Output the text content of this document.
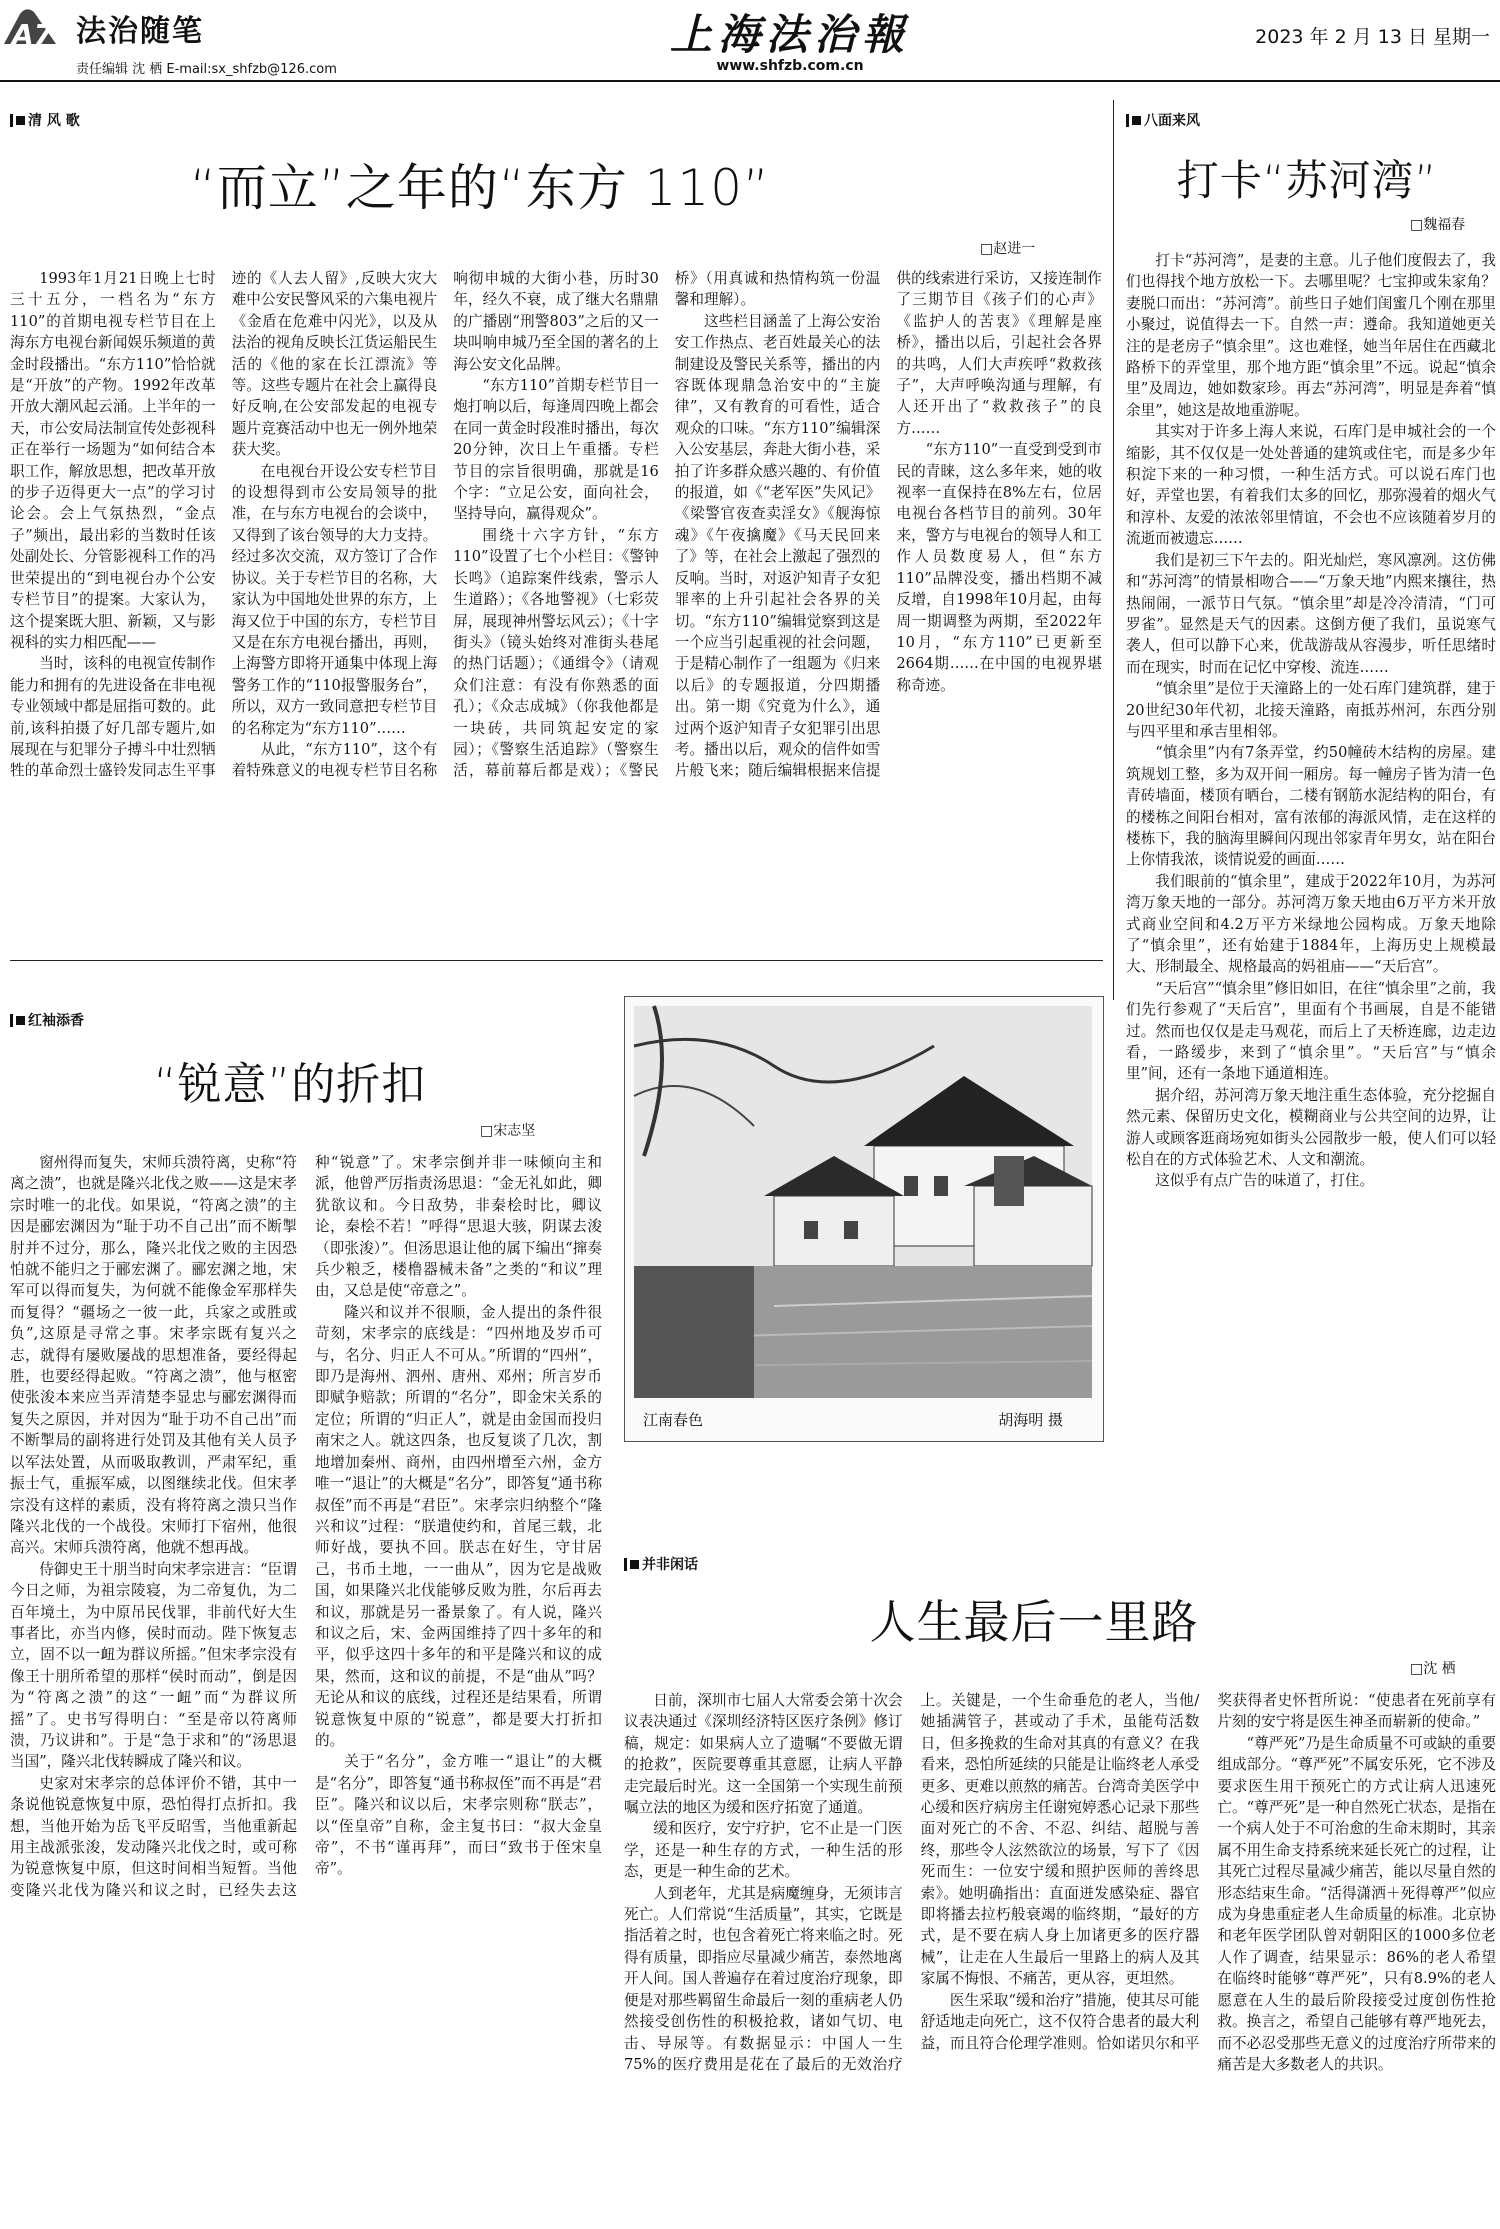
A7 法治随笔
责任编辑 沈 栖 E-mail:sx_shfzb@126.com
上海法治報
www.shfzb.com.cn
2023 年 2 月 13 日 星期一
清 风 歌
“而立”之年的“东方 110”
□赵进一

1993年1月21日晚上七时三十五分，一档名为“东方110”的首期电视专栏节目在上海东方电视台新闻娱乐频道的黄金时段播出。“东方110”恰恰就是“开放”的产物。1992年改革开放大潮风起云涌。上半年的一天，市公安局法制宣传处彭视科正在举行一场题为“如何结合本职工作，解放思想，把改革开放的步子迈得更大一点”的学习讨论会。会上气氛热烈，“金点子”频出，最出彩的当数时任该处副处长、分管影视科工作的冯世荣提出的“到电视台办个公安专栏节目”的提案。大家认为，这个提案既大胆、新颖，又与影视科的实力相匹配——

当时，该科的电视宣传制作能力和拥有的先进设备在非电视专业领域中都是屈指可数的。此前,该科拍摄了好几部专题片,如展现在与犯罪分子搏斗中壮烈牺牲的革命烈士盛铃发同志生平事迹的《人去人留》,反映大灾大难中公安民警风采的六集电视片《金盾在危难中闪光》，以及从法治的视角反映长江货运船民生活的《他的家在长江漂流》等等。这些专题片在社会上赢得良好反响,在公安部发起的电视专题片竞赛活动中也无一例外地荣获大奖。

在电视台开设公安专栏节目的设想得到市公安局领导的批准，在与东方电视台的会谈中，又得到了该台领导的大力支持。经过多次交流，双方签订了合作协议。关于专栏节目的名称，大家认为中国地处世界的东方，上海又位于中国的东方，专栏节目又是在东方电视台播出，再则，上海警方即将开通集中体现上海警务工作的“110报警服务台”，所以，双方一致同意把专栏节目的名称定为“东方110”……

从此，“东方110”，这个有着特殊意义的电视专栏节目名称响彻申城的大街小巷，历时30年，经久不衰，成了继大名鼎鼎的广播剧“刑警803”之后的又一块叫响申城乃至全国的著名的上海公安文化品牌。

“东方110”首期专栏节目一炮打响以后，每逢周四晚上都会在同一黄金时段准时播出，每次20分钟，次日上午重播。专栏节目的宗旨很明确，那就是16个字：“立足公安，面向社会，坚持导向，赢得观众”。

围绕十六字方针，“东方110”设置了七个小栏目：《警钟长鸣》（追踪案件线索，警示人生道路）；《各地警视》（七彩荧屏，展现神州警坛风云）；《十字街头》（镜头始终对准街头巷尾的热门话题）；《通缉令》（请观众们注意：有没有你熟悉的面孔）；《众志成城》（你我他都是一块砖，共同筑起安定的家园）；《警察生活追踪》（警察生活，幕前幕后都是戏）；《警民桥》（用真诚和热情构筑一份温馨和理解）。

这些栏目涵盖了上海公安治安工作热点、老百姓最关心的法制建设及警民关系等，播出的内容既体现鼎急治安中的“主旋律”，又有教育的可看性，适合观众的口味。“东方110”编辑深入公安基层，奔赴大街小巷，采拍了许多群众感兴趣的、有价值的报道，如《“老军医”失风记》《梁警官夜查卖淫女》《舰海惊魂》《午夜擒魔》《马天民回来了》等，在社会上激起了强烈的反响。当时，对返沪知青子女犯罪率的上升引起社会各界的关切。“东方110”编辑觉察到这是一个应当引起重视的社会问题，于是精心制作了一组题为《归来以后》的专题报道，分四期播出。第一期《究竟为什么》，通过两个返沪知青子女犯罪引出思考。播出以后，观众的信件如雪片般飞来；随后编辑根据来信提供的线索进行采访，又接连制作了三期节目《孩子们的心声》《监护人的苦衷》《理解是座桥》，播出以后，引起社会各界的共鸣，人们大声疾呼“救救孩子”，大声呼唤沟通与理解，有人还开出了“救救孩子”的良方……

“东方110”一直受到受到市民的青睐，这么多年来，她的收视率一直保持在8%左右，位居电视台各档节目的前列。30年来，警方与电视台的领导人和工作人员数度易人，但“东方110”品牌没变，播出档期不减反增，自1998年10月起，由每周一期调整为两期，至2022年10月，“东方110”已更新至2664期……在中国的电视界堪称奇迹。

八面来风
打卡“苏河湾”
□魏福春

打卡“苏河湾”，是妻的主意。儿子他们度假去了，我们也得找个地方放松一下。去哪里呢？七宝抑或朱家角？妻脱口而出：“苏河湾”。前些日子她们闺蜜几个刚在那里小聚过，说值得去一下。自然一声：遵命。我知道她更关注的是老房子“慎余里”。这也难怪，她当年居住在西藏北路桥下的弄堂里，那个地方距“慎余里”不远。说起“慎余里”及周边，她如数家珍。再去“苏河湾”，明显是奔着“慎余里”，她这是故地重游呢。

其实对于许多上海人来说，石库门是申城社会的一个缩影，其不仅仅是一处处普通的建筑或住宅，而是多少年积淀下来的一种习惯，一种生活方式。可以说石库门也好，弄堂也罢，有着我们太多的回忆，那弥漫着的烟火气和淳朴、友爱的浓浓邻里情谊，不会也不应该随着岁月的流逝而被遗忘……

我们是初三下午去的。阳光灿烂，寒风凛冽。这仿佛和“苏河湾”的情景相吻合——“万象天地”内熙来攘往，热热闹闹，一派节日气氛。“慎余里”却是冷冷清清，“门可罗雀”。显然是天气的因素。这倒方便了我们，虽说寒气袭人，但可以静下心来，优哉游哉从容漫步，听任思绪时而在现实，时而在记忆中穿梭、流连……

“慎余里”是位于天潼路上的一处石库门建筑群，建于20世纪30年代初，北接天潼路，南抵苏州河，东西分别与四平里和承吉里相邻。

“慎余里”内有7条弄堂，约50幢砖木结构的房屋。建筑规划工整，多为双开间一厢房。每一幢房子皆为清一色青砖墙面，楼顶有晒台，二楼有钢筋水泥结构的阳台，有的楼栋之间阳台相对，富有浓郁的海派风情，走在这样的楼栋下，我的脑海里瞬间闪现出邻家青年男女，站在阳台上你情我浓，谈情说爱的画面……

我们眼前的“慎余里”，建成于2022年10月，为苏河湾万象天地的一部分。苏河湾万象天地由6万平方米开放式商业空间和4.2万平方米绿地公园构成。万象天地除了“慎余里”，还有始建于1884年，上海历史上规模最大、形制最全、规格最高的妈祖庙——“天后宫”。

“天后宫”“慎余里”修旧如旧，在往“慎余里”之前，我们先行参观了“天后宫”，里面有个书画展，自是不能错过。然而也仅仅是走马观花，而后上了天桥连廊，边走边看，一路缓步，来到了“慎余里”。“天后宫”与“慎余里”间，还有一条地下通道相连。

据介绍，苏河湾万象天地注重生态体验，充分挖掘自然元素、保留历史文化，模糊商业与公共空间的边界，让游人或顾客逛商场宛如街头公园散步一般，使人们可以轻松自在的方式体验艺术、人文和潮流。

这似乎有点广告的味道了，打住。

红袖添香
“锐意”的折扣
□宋志坚

窗州得而复失，宋师兵溃符离，史称“符离之溃”，也就是隆兴北伐之败——这是宋孝宗时唯一的北伐。如果说，“符离之溃”的主因是郦宏渊因为“耻于功不自己出”而不断掣肘并不过分，那么，隆兴北伐之败的主因恐怕就不能归之于郦宏渊了。郦宏渊之地，宋军可以得而复失，为何就不能像金军那样失而复得？“疆场之一彼一此，兵家之或胜或负”,这原是寻常之事。宋孝宗既有复兴之志，就得有屡败屡战的思想准备，要经得起胜，也要经得起败。“符离之溃”，他与枢密使张浚本来应当弄清楚李显忠与郦宏渊得而复失之原因，并对因为“耻于功不自己出”而不断掣局的副将进行处罚及其他有关人员予以军法处置，从而吸取教训，严肃军纪，重振士气，重振军威，以图继续北伐。但宋孝宗没有这样的素质，没有将符离之溃只当作隆兴北伐的一个战役。宋师打下宿州，他很高兴。宋师兵溃符离，他就不想再战。

侍御史王十朋当时向宋孝宗进言：“臣谓今日之师，为祖宗陵寝，为二帝复仇，为二百年境土，为中原吊民伐罪，非前代好大生事者比，亦当内修，侯时而动。陛下恢复志立，固不以一衄为群议所摇。”但宋孝宗没有像王十朋所希望的那样“侯时而动”，倒是因为“符离之溃”的这“一衄”而“为群议所摇”了。史书写得明白：“至是帝以符离师溃，乃议讲和”。于是“急于求和”的“汤思退当国”，隆兴北伐转瞬成了隆兴和议。

史家对宋孝宗的总体评价不错，其中一条说他锐意恢复中原，恐怕得打点折扣。我想，当他开始为岳飞平反昭雪，当他重新起用主战派张浚，发动隆兴北伐之时，或可称为锐意恢复中原，但这时间相当短暂。当他变隆兴北伐为隆兴和议之时，已经失去这种“锐意”了。宋孝宗倒并非一味倾向主和派，他曾严厉指责汤思退：“金无礼如此，卿犹欲议和。今日敌势，非秦桧时比，卿议论，秦桧不若！”呼得“思退大骇，阴谋去浚（即张浚）”。但汤思退让他的属下编出“撺奏兵少粮乏，楼橹器械未备”之类的“和议”理由，又总是使“帝意之”。

隆兴和议并不很顺，金人提出的条件很苛刻，宋孝宗的底线是：“四州地及岁币可与，名分、归正人不可从。”所谓的“四州”，即乃是海州、泗州、唐州、邓州；所言岁币即赋争赔款；所谓的“名分”，即金宋关系的定位；所谓的“归正人”，就是由金国而投归南宋之人。就这四条，也反复谈了几次，割地增加秦州、商州，由四州增至六州，金方唯一“退让”的大概是“名分”，即答复“通书称叔侄”而不再是“君臣”。宋孝宗归纳整个“隆兴和议”过程：“朕遣使约和，首尾三载，北师好战，要执不回。朕志在好生，守甘居己，书币土地，一一曲从”，因为它是战败国，如果隆兴北伐能够反败为胜，尔后再去和议，那就是另一番景象了。有人说，隆兴和议之后，宋、金两国维持了四十多年的和平，似乎这四十多年的和平是隆兴和议的成果，然而，这和议的前提，不是“曲从”吗？无论从和议的底线，过程还是结果看，所谓锐意恢复中原的“锐意”，都是要大打折扣的。

关于“名分”，金方唯一“退让”的大概是“名分”，即答复“通书称叔侄”而不再是“君臣”。隆兴和议以后，宋孝宗则称“朕志”，以“侄皇帝”自称，金主复书曰：“叔大金皇帝”，不书“谨再拜”，而曰“致书于侄宋皇帝”。

江南春色	胡海明 摄
并非闲话
人生最后一里路
□沈 栖

日前，深圳市七届人大常委会第十次会议表决通过《深圳经济特区医疗条例》修订稿，规定：如果病人立了遗嘱“不要做无谓的抢救”，医院要尊重其意愿，让病人平静走完最后时光。这一全国第一个实现生前预嘱立法的地区为缓和医疗拓宽了通道。

缓和医疗，安宁疗护，它不止是一门医学，还是一种生存的方式，一种生活的形态，更是一种生命的艺术。

人到老年，尤其是病魔缠身，无须讳言死亡。人们常说“生活质量”，其实，它既是指活着之时，也包含着死亡将来临之时。死得有质量，即指应尽量减少痛苦，泰然地离开人间。国人普遍存在着过度治疗现象，即便是对那些羁留生命最后一刻的重病老人仍然接受创伤性的积极抢救，诸如气切、电击、导尿等。有数据显示：中国人一生75%的医疗费用是花在了最后的无效治疗上。关键是，一个生命垂危的老人，当他/她插满管子，甚或动了手术，虽能苟活数日，但多挽救的生命对其真的有意义？在我看来，恐怕所延续的只能是让临终老人承受更多、更难以煎熬的痛苦。台湾奇美医学中心缓和医疗病房主任谢宛婷悉心记录下那些面对死亡的不舍、不忍、纠结、超脱与善终，那些令人泫然欲泣的场景，写下了《因死而生：一位安宁缓和照护医师的善终思索》。她明确指出：直面迸发感染症、器官即将播去拉朽般衰竭的临终期，“最好的方式，是不要在病人身上加诸更多的医疗器械”，让走在人生最后一里路上的病人及其家属不悔恨、不痛苦，更从容，更坦然。

医生采取“缓和治疗”措施，使其尽可能舒适地走向死亡，这不仅符合患者的最大利益，而且符合伦理学准则。恰如诺贝尔和平奖获得者史怀哲所说：“使患者在死前享有片刻的安宁将是医生神圣而崭新的使命。”

“尊严死”乃是生命质量不可或缺的重要组成部分。“尊严死”不属安乐死，它不涉及要求医生用干预死亡的方式让病人迅速死亡。“尊严死”是一种自然死亡状态，是指在一个病人处于不可治愈的生命末期时，其亲属不用生命支持系统来延长死亡的过程，让其死亡过程尽量减少痛苦，能以尽量自然的形态结束生命。“活得潇洒＋死得尊严”似应成为身患重症老人生命质量的标准。北京协和老年医学团队曾对朝阳区的1000多位老人作了调查，结果显示：86%的老人希望在临终时能够“尊严死”，只有8.9%的老人愿意在人生的最后阶段接受过度创伤性抢救。换言之，希望自己能够有尊严地死去，而不必忍受那些无意义的过度治疗所带来的痛苦是大多数老人的共识。
